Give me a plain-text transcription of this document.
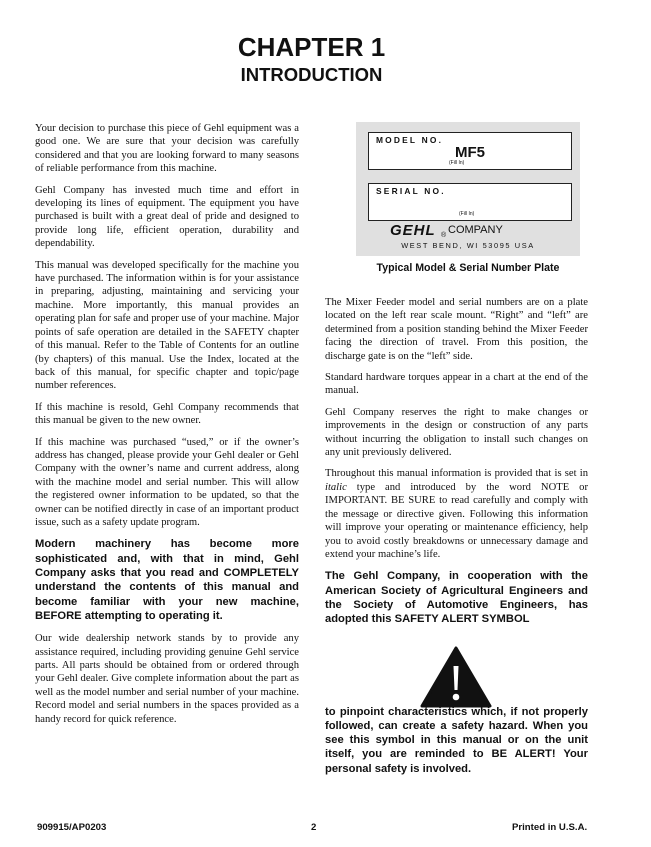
CHAPTER 1
INTRODUCTION

Your decision to purchase this piece of Gehl equipment was a good one. We are sure that your decision was carefully considered and that you are looking forward to many seasons of reliable performance from this machine.

Gehl Company has invested much time and effort in developing its lines of equipment. The equipment you have purchased is built with a great deal of pride and designed to provide long life, efficient operation, durability and dependability.

This manual was developed specifically for the machine you have purchased. The information within is for your assistance in preparing, adjusting, maintaining and servicing your machine. More importantly, this manual provides an operating plan for safe and proper use of your machine. Major points of safe operation are detailed in the SAFETY chapter of this manual. Refer to the Table of Contents for an outline (by chapters) of this manual. Use the Index, located at the back of this manual, for specific chapter and topic/page number references.

If this machine is resold, Gehl Company recommends that this manual be given to the new owner.

If this machine was purchased “used,” or if the owner’s address has changed, please provide your Gehl dealer or Gehl Company with the owner’s name and current address, along with the machine model and serial number. This will allow the registered owner information to be updated, so that the owner can be notified directly in case of an important product issue, such as a safety update program.

Modern machinery has become more sophisticated and, with that in mind, Gehl Company asks that you read and COMPLETELY understand the contents of this manual and become familiar with your new machine, BEFORE attempting to operating it.

Our wide dealership network stands by to provide any assistance required, including providing genuine Gehl service parts. All parts should be obtained from or ordered through your Gehl dealer. Give complete information about the part as well as the model number and serial number of your machine. Record model and serial numbers in the spaces provided as a handy record for quick reference.

MODEL NO.
MF5
(Fill In)
SERIAL NO.
(Fill In)
GEHL ® COMPANY
WEST BEND, WI 53095 USA
Typical Model & Serial Number Plate

The Mixer Feeder model and serial numbers are on a plate located on the left rear scale mount. “Right” and “left” are determined from a position standing behind the Mixer Feeder facing the direction of travel. From this position, the discharge gate is on the “left” side.

Standard hardware torques appear in a chart at the end of the manual.

Gehl Company reserves the right to make changes or improvements in the design or construction of any parts without incurring the obligation to install such changes on any unit previously delivered.

Throughout this manual information is provided that is set in italic type and introduced by the word NOTE or IMPORTANT. BE SURE to read carefully and comply with the message or directive given. Following this information will improve your operating or maintenance efficiency, help you to avoid costly breakdowns or unnecessary damage and extend your machine’s life.

The Gehl Company, in cooperation with the American Society of Agricultural Engineers and the Society of Automotive Engineers, has adopted this SAFETY ALERT SYMBOL

to pinpoint characteristics which, if not properly followed, can create a safety hazard. When you see this symbol in this manual or on the unit itself, you are reminded to BE ALERT! Your personal safety is involved.

909915/AP0203	2	Printed in U.S.A.
